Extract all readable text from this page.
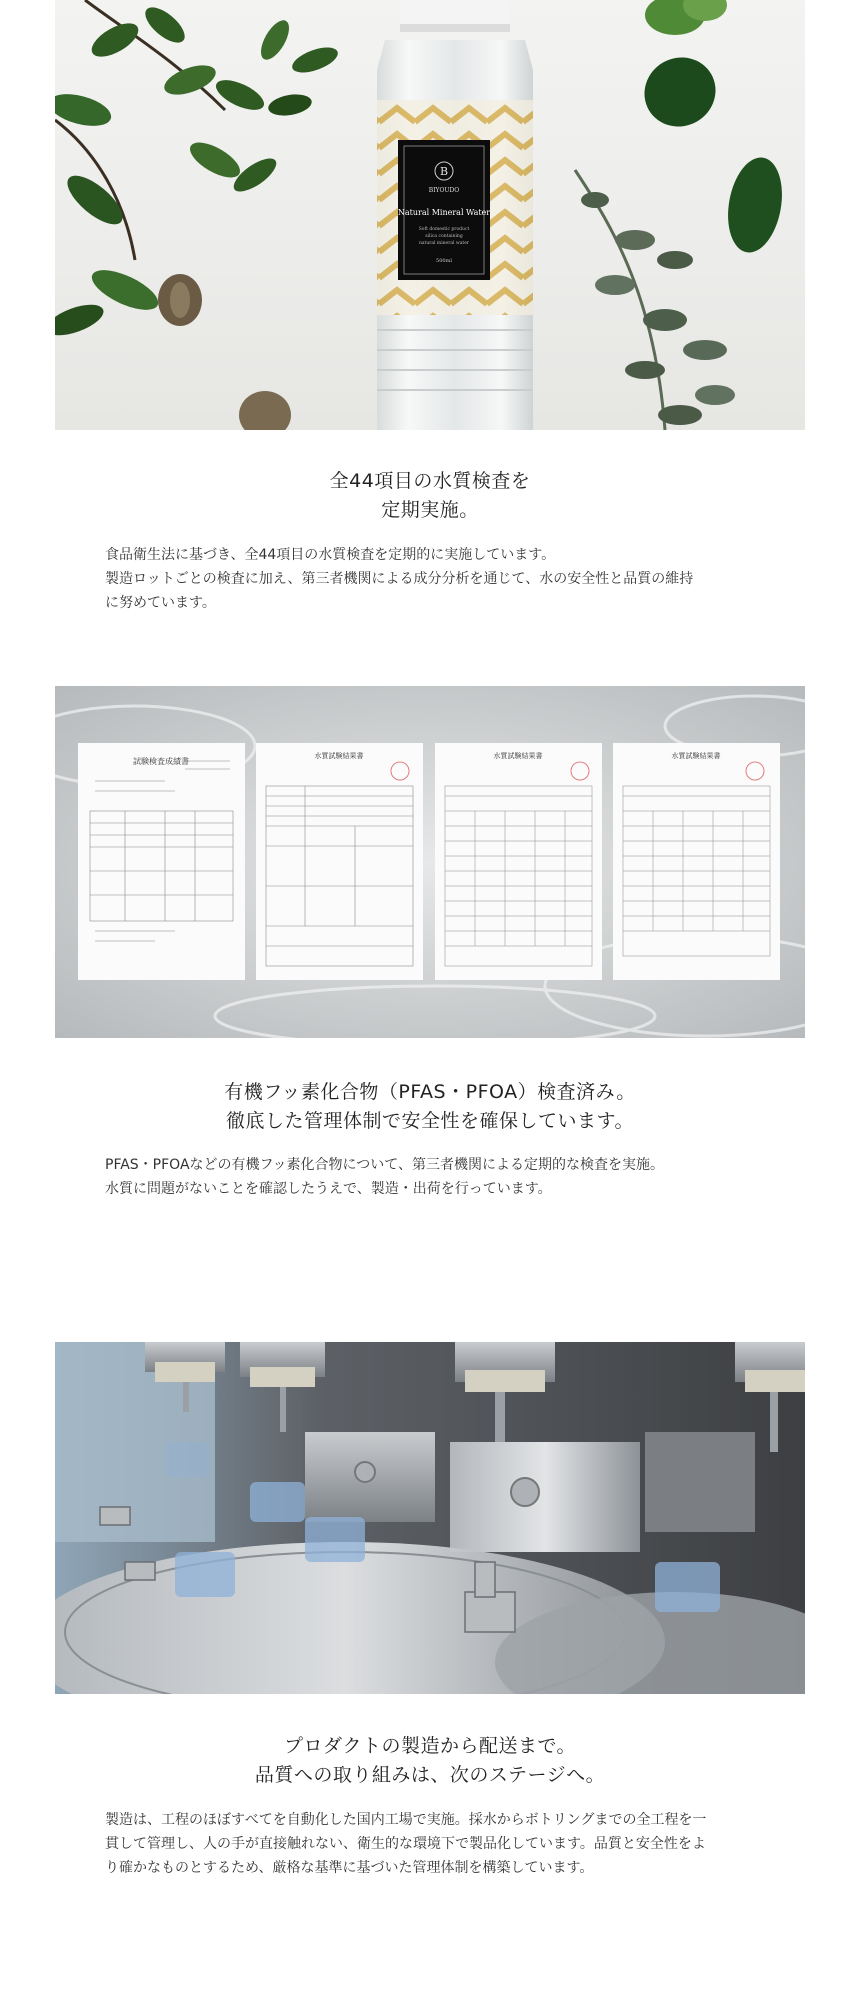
B
BIYOUDO
Natural Mineral Water
Soft domestic product
silica containing
natural mineral water
500ml
全44項目の水質検査を
定期実施。
食品衛生法に基づき、全44項目の水質検査を定期的に実施しています。
製造ロットごとの検査に加え、第三者機関による成分分析を通じて、水の安全性と品質の維持
に努めています。
試験検査成績書
水質試験結果書	水質試験結果書	水質試験結果書
有機フッ素化合物（PFAS・PFOA）検査済み。
徹底した管理体制で安全性を確保しています。
PFAS・PFOAなどの有機フッ素化合物について、第三者機関による定期的な検査を実施。
水質に問題がないことを確認したうえで、製造・出荷を行っています。
プロダクトの製造から配送まで。
品質への取り組みは、次のステージへ。
製造は、工程のほぼすべてを自動化した国内工場で実施。採水からボトリングまでの全工程を一
貫して管理し、人の手が直接触れない、衛生的な環境下で製品化しています。品質と安全性をよ
り確かなものとするため、厳格な基準に基づいた管理体制を構築しています。
